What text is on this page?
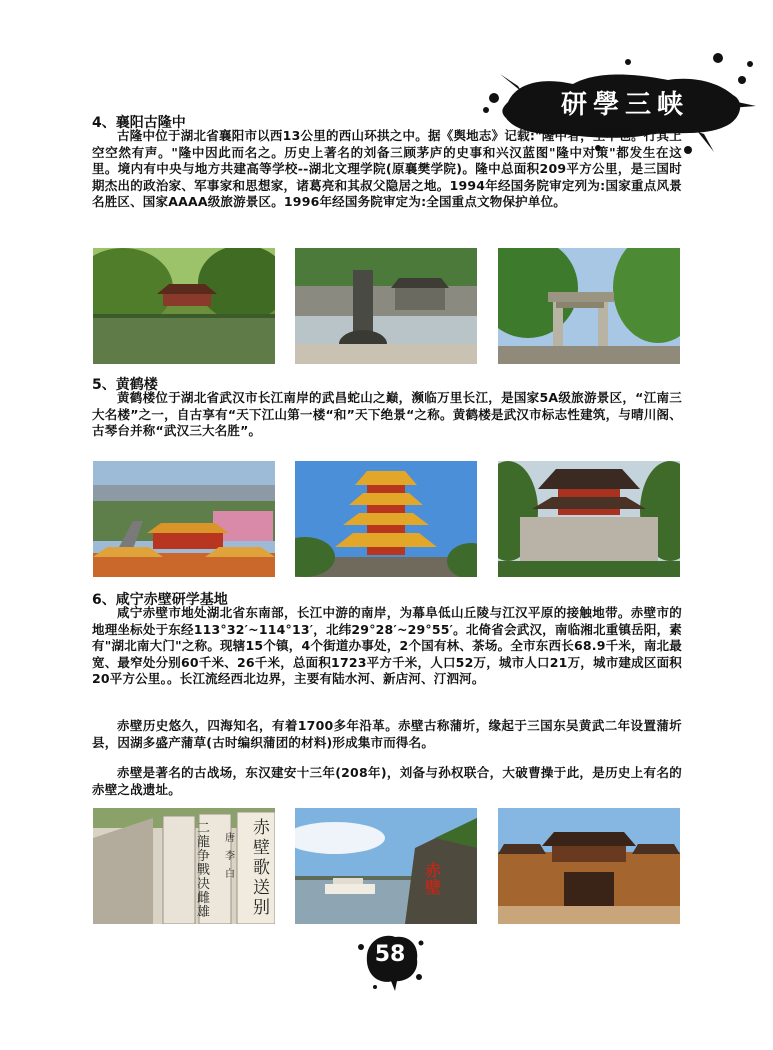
研學三峡
4、襄阳古隆中

古隆中位于湖北省襄阳市以西13公里的西山环拱之中。据《舆地志》记载:"隆中者，空中也。行其上空空然有声。"隆中因此而名之。历史上著名的刘备三顾茅庐的史事和兴汉蓝图"隆中对策"都发生在这里。境内有中央与地方共建高等学校--湖北文理学院(原襄樊学院)。隆中总面积209平方公里，是三国时期杰出的政治家、军事家和思想家，诸葛亮和其叔父隐居之地。1994年经国务院审定列为:国家重点风景名胜区、国家AAAA级旅游景区。1996年经国务院审定为:全国重点文物保护单位。

5、黄鹤楼

黄鹤楼位于湖北省武汉市长江南岸的武昌蛇山之巅，濒临万里长江，是国家5A级旅游景区，“江南三大名楼”之一，自古享有“天下江山第一楼“和”天下绝景“之称。黄鹤楼是武汉市标志性建筑，与晴川阁、古琴台并称“武汉三大名胜”。

6、咸宁赤壁研学基地

咸宁赤壁市地处湖北省东南部，长江中游的南岸，为幕阜低山丘陵与江汉平原的接触地带。赤壁市的地理坐标处于东经113°32′~114°13′，北纬29°28′~29°55′。北倚省会武汉，南临湘北重镇岳阳，素有"湖北南大门"之称。现辖15个镇，4个街道办事处，2个国有林、茶场。全市东西长68.9千米，南北最宽、最窄处分别60千米、26千米，总面积1723平方千米，人口52万，城市人口21万，城市建成区面积20平方公里。。长江流经西北边界，主要有陆水河、新店河、汀泗河。

赤壁历史悠久，四海知名，有着1700多年沿革。赤壁古称蒲圻，缘起于三国东吴黄武二年设置蒲圻县，因湖多盛产蒲草(古时编织蒲团的材料)形成集市而得名。

赤壁是著名的古战场，东汉建安十三年(208年)，刘备与孙权联合，大破曹操于此，是历史上有名的赤壁之战遗址。

二龍争戰决雌雄
唐 李白
赤壁歌送别
赤壁
58
